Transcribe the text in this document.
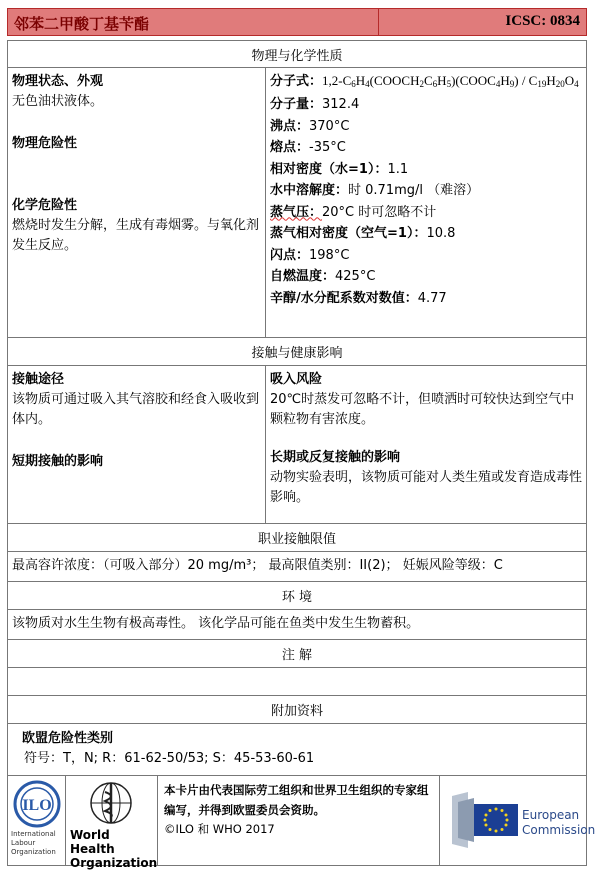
邻苯二甲酸丁基苄酯	ICSC: 0834
物理与化学性质
物理状态、外观
无色油状液体。
物理危险性
化学危险性
燃烧时发生分解，生成有毒烟雾。与氧化剂发生反应。
分子式：$1,2-C_6H_4(COOCH_2C_6H_5)(COOC_4H_9) / C_{19}H_{20}O_4$
分子量：312.4
沸点：370°C
熔点：-35°C
相对密度（水=1）：1.1
水中溶解度：时 0.71mg/l （难溶）
蒸气压：20°C 时可忽略不计
蒸气相对密度（空气=1）：10.8
闪点：198°C
自燃温度：425°C
辛醇/水分配系数对数值：4.77
接触与健康影响
接触途径
该物质可通过吸入其气溶胶和经食入吸收到体内。
短期接触的影响
吸入风险
20℃时蒸发可忽略不计，但喷洒时可较快达到空气中颗粒物有害浓度。
长期或反复接触的影响
动物实验表明，该物质可能对人类生殖或发育造成毒性影响。
职业接触限值
最高容许浓度：（可吸入部分）20 mg/m³； 最高限值类别：II(2)； 妊娠风险等级：C
环 境
该物质对水生生物有极高毒性。 该化学品可能在鱼类中发生生物蓄积。
注 解
附加资料
欧盟危险性类别
符号：T，N; R：61-62-50/53; S：45-53-60-61
ILO
International
Labour
Organization
World Health
Organization
本卡片由代表国际劳工组织和世界卫生组织的专家组编写，并得到欧盟委员会资助。
©ILO 和 WHO 2017
European
Commission
